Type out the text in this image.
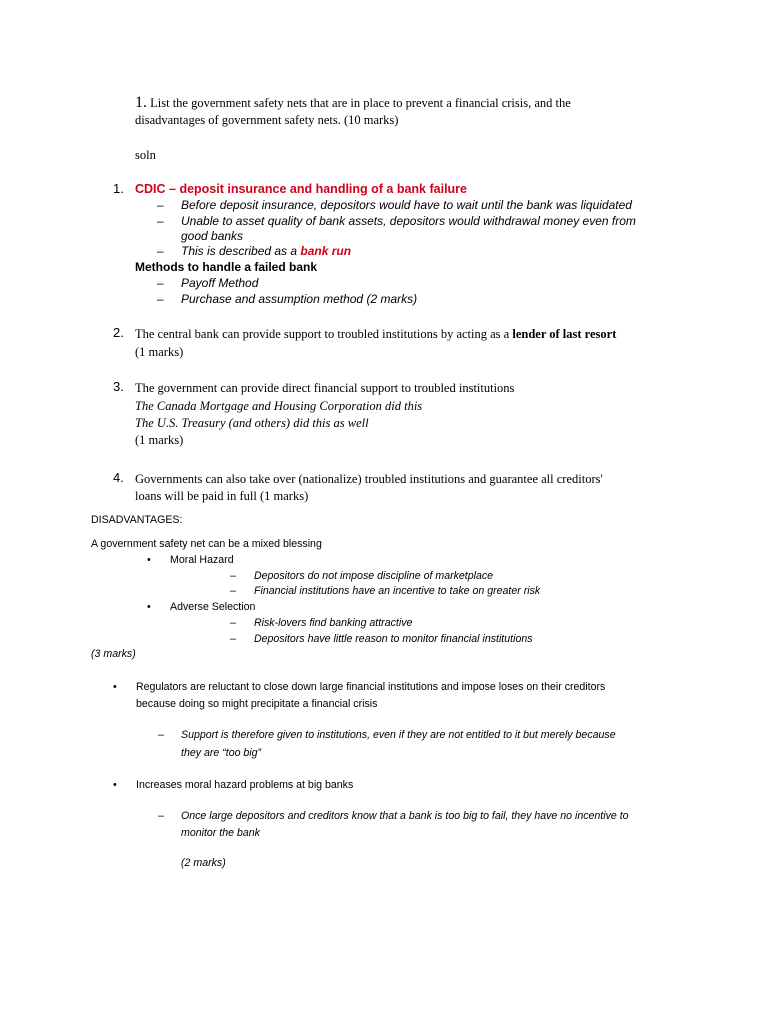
1. List the government safety nets that are in place to prevent a financial crisis, and the
disadvantages of government safety nets. (10 marks)
soln
1. CDIC – deposit insurance and handling of a bank failure
– Before deposit insurance, depositors would have to wait until the bank was liquidated
– Unable to asset quality of bank assets, depositors would withdrawal money even from
good banks
– This is described as a bank run
Methods to handle a failed bank
– Payoff Method
– Purchase and assumption method (2 marks)
2. The central bank can provide support to troubled institutions by acting as a lender of last resort
(1 marks)
3. The government can provide direct financial support to troubled institutions
The Canada Mortgage and Housing Corporation did this
The U.S. Treasury (and others) did this as well
(1 marks)
4. Governments can also take over (nationalize) troubled institutions and guarantee all creditors'
loans will be paid in full (1 marks)
DISADVANTAGES:
A government safety net can be a mixed blessing
• Moral Hazard
– Depositors do not impose discipline of marketplace
– Financial institutions have an incentive to take on greater risk
• Adverse Selection
– Risk-lovers find banking attractive
– Depositors have little reason to monitor financial institutions
(3 marks)
• Regulators are reluctant to close down large financial institutions and impose loses on their creditors
because doing so might precipitate a financial crisis
– Support is therefore given to institutions, even if they are not entitled to it but merely because
they are “too big”
• Increases moral hazard problems at big banks
– Once large depositors and creditors know that a bank is too big to fail, they have no incentive to
monitor the bank
(2 marks)
